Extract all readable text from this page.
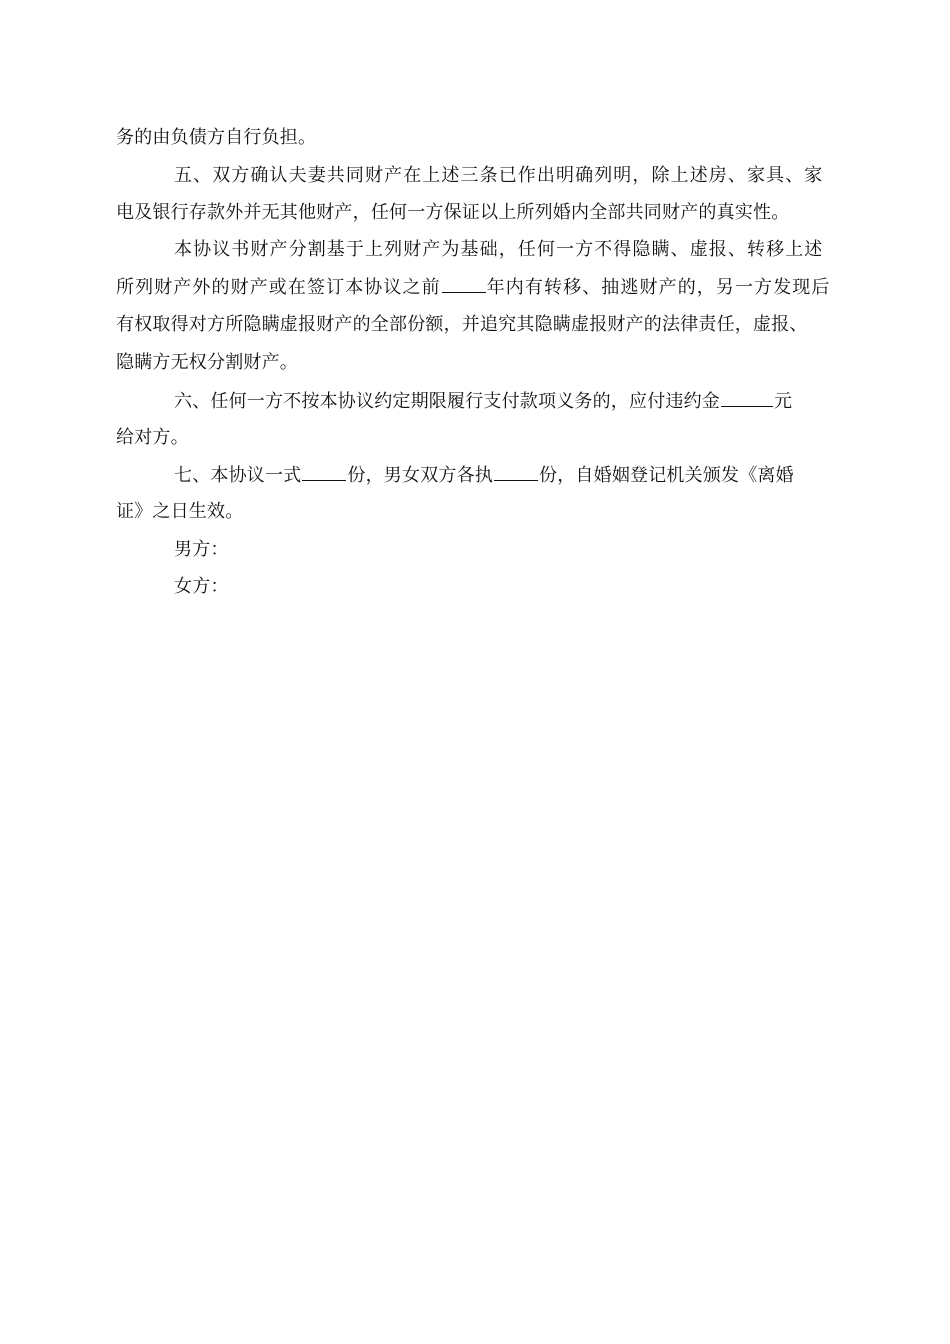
务的由负债方自行负担。
五、双方确认夫妻共同财产在上述三条已作出明确列明，除上述房、家具、家
电及银行存款外并无其他财产，任何一方保证以上所列婚内全部共同财产的真实性。
本协议书财产分割基于上列财产为基础，任何一方不得隐瞒、虚报、转移上述
所列财产外的财产或在签订本协议之前	年内有转移、抽逃财产的，另一方发现后
有权取得对方所隐瞒虚报财产的全部份额，并追究其隐瞒虚报财产的法律责任，虚报、
隐瞒方无权分割财产。
六、任何一方不按本协议约定期限履行支付款项义务的，应付违约金	元
给对方。
七、本协议一式	份，男女双方各执	份，自婚姻登记机关颁发《离婚
证》之日生效。
男方：
女方：
